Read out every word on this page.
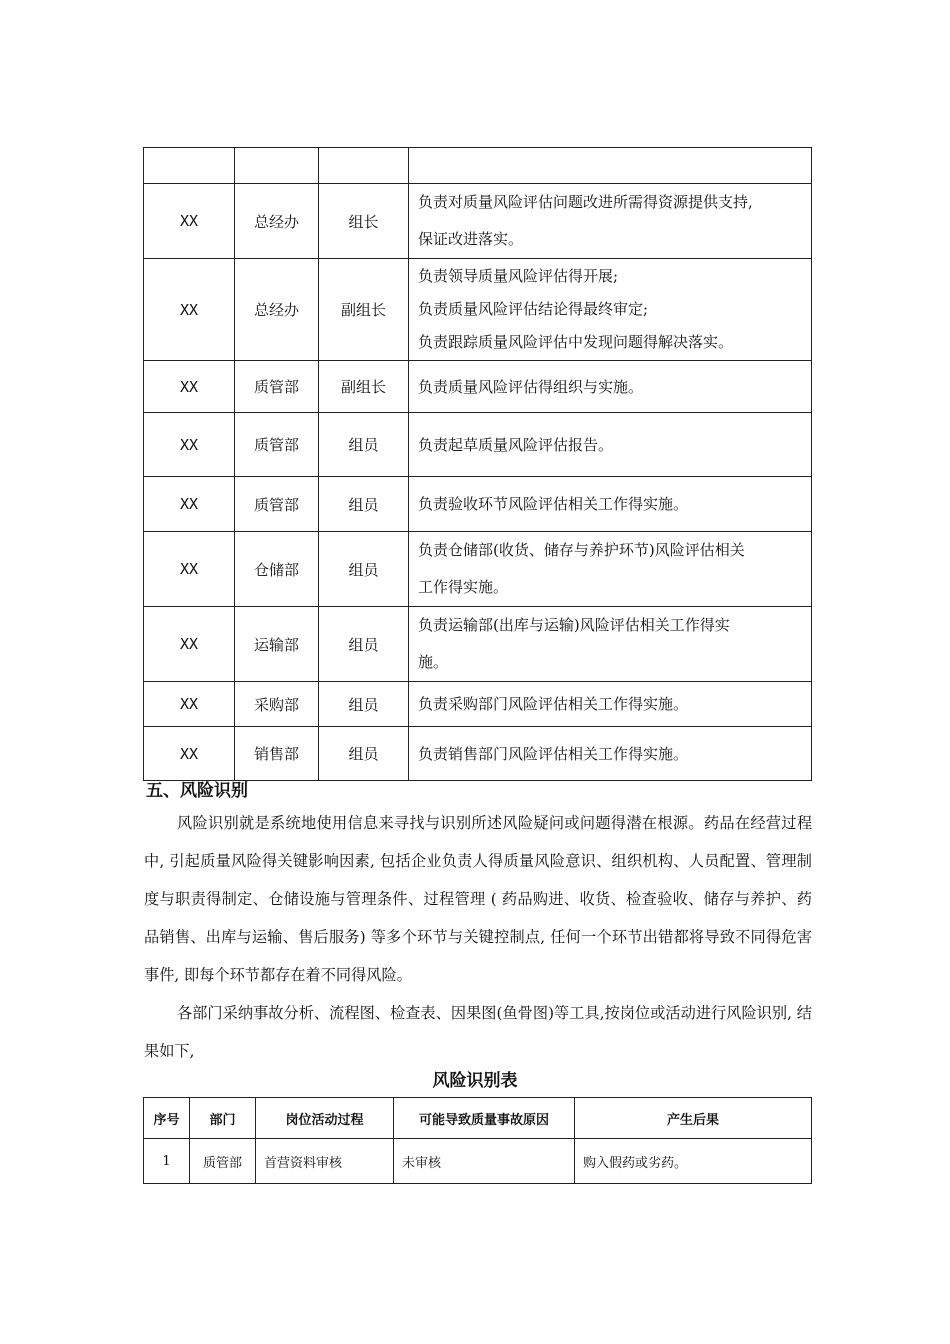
XX	总经办	组长	负责对质量风险评估问题改进所需得资源提供支持,
保证改进落实。

XX	总经办	副组长	负责领导质量风险评估得开展;
负责质量风险评估结论得最终审定;
负责跟踪质量风险评估中发现问题得解决落实。

XX	质管部	副组长	负责质量风险评估得组织与实施。

XX	质管部	组员	负责起草质量风险评估报告。

XX	质管部	组员	负责验收环节风险评估相关工作得实施。

XX	仓储部	组员	负责仓储部(收货、储存与养护环节)风险评估相关
工作得实施。

XX	运输部	组员	负责运输部(出库与运输)风险评估相关工作得实
施。

XX	采购部	组员	负责采购部门风险评估相关工作得实施。

XX	销售部	组员	负责销售部门风险评估相关工作得实施。
五、风险识别

风险识别就是系统地使用信息来寻找与识别所述风险疑问或问题得潜在根源。药品在经营过程中, 引起质量风险得关键影响因素, 包括企业负责人得质量风险意识、组织机构、人员配置、管理制度与职责得制定、仓储设施与管理条件、过程管理 ( 药品购进、收货、检查验收、储存与养护、药品销售、出库与运输、售后服务) 等多个环节与关键控制点, 任何一个环节出错都将导致不同得危害事件, 即每个环节都存在着不同得风险。

各部门采纳事故分析、流程图、检查表、因果图(鱼骨图)等工具,按岗位或活动进行风险识别, 结果如下,

风险识别表
序号	部门	岗位活动过程	可能导致质量事故原因	产生后果
1	质管部	首营资料审核	未审核	购入假药或劣药。
